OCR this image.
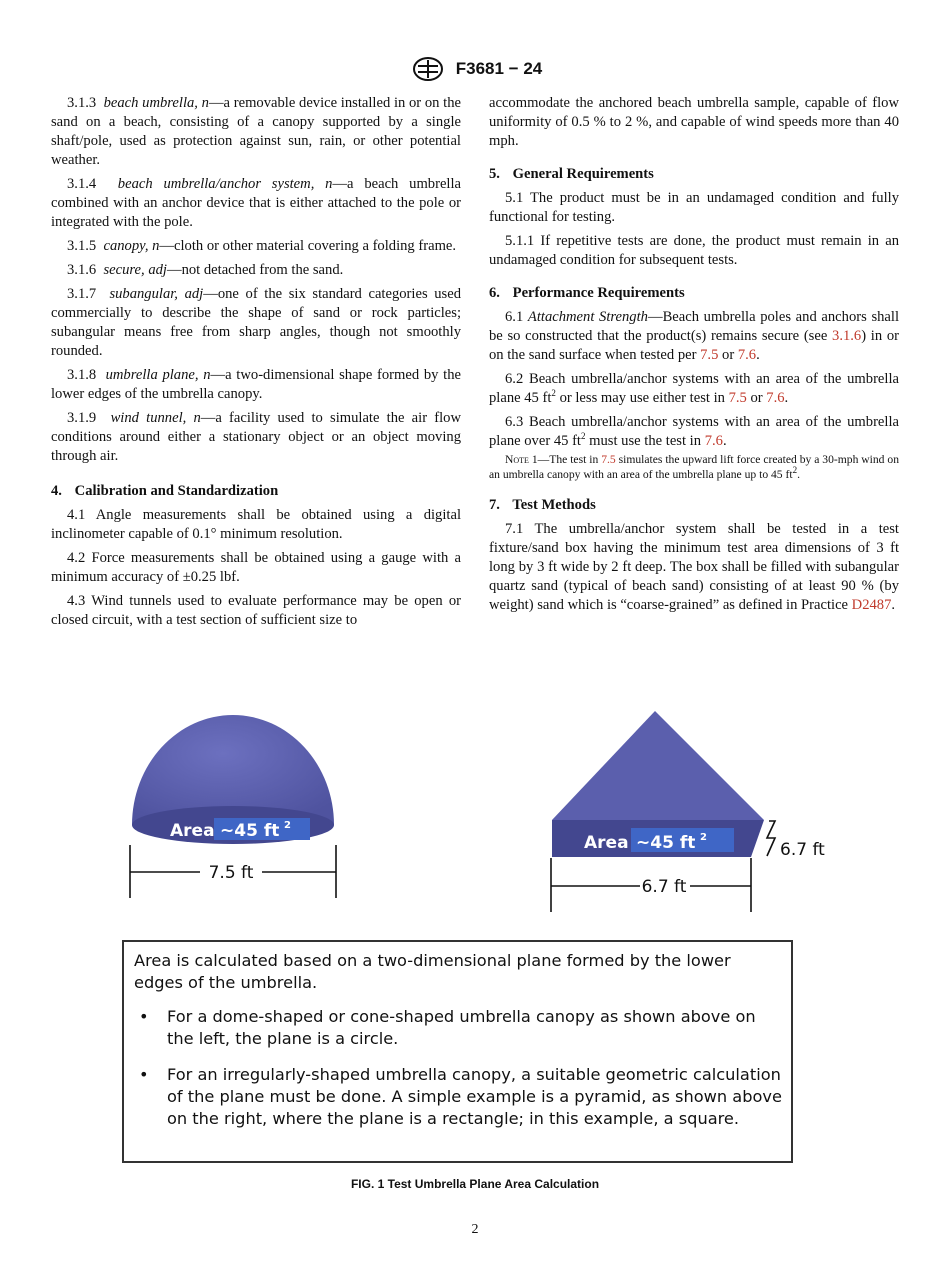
F3681 − 24

3.1.3 beach umbrella, n—a removable device installed in or on the sand on a beach, consisting of a canopy supported by a single shaft/pole, used as protection against sun, rain, or other potential weather.

3.1.4 beach umbrella/anchor system, n—a beach umbrella combined with an anchor device that is either attached to the pole or integrated with the pole.

3.1.5 canopy, n—cloth or other material covering a folding frame.

3.1.6 secure, adj—not detached from the sand.

3.1.7 subangular, adj—one of the six standard categories used commercially to describe the shape of sand or rock particles; subangular means free from sharp angles, though not smoothly rounded.

3.1.8 umbrella plane, n—a two-dimensional shape formed by the lower edges of the umbrella canopy.

3.1.9 wind tunnel, n—a facility used to simulate the air flow conditions around either a stationary object or an object moving through air.

4. Calibration and Standardization

4.1 Angle measurements shall be obtained using a digital inclinometer capable of 0.1° minimum resolution.

4.2 Force measurements shall be obtained using a gauge with a minimum accuracy of ±0.25 lbf.

4.3 Wind tunnels used to evaluate performance may be open or closed circuit, with a test section of sufficient size to

accommodate the anchored beach umbrella sample, capable of flow uniformity of 0.5 % to 2 %, and capable of wind speeds more than 40 mph.

5. General Requirements

5.1 The product must be in an undamaged condition and fully functional for testing.

5.1.1 If repetitive tests are done, the product must remain in an undamaged condition for subsequent tests.

6. Performance Requirements

6.1 Attachment Strength—Beach umbrella poles and anchors shall be so constructed that the product(s) remains secure (see 3.1.6) in or on the sand surface when tested per 7.5 or 7.6.

6.2 Beach umbrella/anchor systems with an area of the umbrella plane 45 $ft^2$ or less may use either test in 7.5 or 7.6.

6.3 Beach umbrella/anchor systems with an area of the umbrella plane over 45 $ft^2$ must use the test in 7.6.

Note 1—The test in 7.5 simulates the upward lift force created by a 30-mph wind on an umbrella canopy with an area of the umbrella plane up to 45 $ft^2$.

7. Test Methods

7.1 The umbrella/anchor system shall be tested in a test fixture/sand box having the minimum test area dimensions of 3 ft long by 3 ft wide by 2 ft deep. The box shall be filled with subangular quartz sand (typical of beach sand) consisting of at least 90 % (by weight) sand which is “coarse-grained” as defined in Practice D2487.

Area ~45 ft 2
7.5 ft
Area ~45 ft 2
6.7 ft
6.7 ft

Area is calculated based on a two-dimensional plane formed by the lower edges of the umbrella.

• For a dome-shaped or cone-shaped umbrella canopy as shown above on the left, the plane is a circle.
• For an irregularly-shaped umbrella canopy, a suitable geometric calculation of the plane must be done. A simple example is a pyramid, as shown above on the right, where the plane is a rectangle; in this example, a square.
FIG. 1 Test Umbrella Plane Area Calculation
2
